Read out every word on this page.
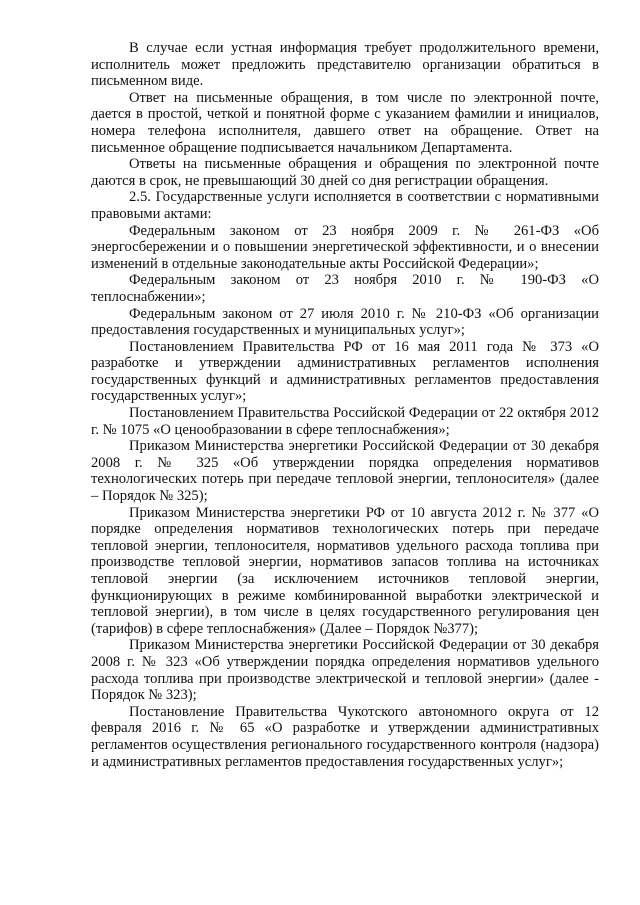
В случае если устная информация требует продолжительного времени, исполнитель может предложить представителю организации обратиться в письменном виде.

Ответ на письменные обращения, в том числе по электронной почте, дается в простой, четкой и понятной форме с указанием фамилии и инициалов, номера телефона исполнителя, давшего ответ на обращение. Ответ на письменное обращение подписывается начальником Департамента.

Ответы на письменные обращения и обращения по электронной почте даются в срок, не превышающий 30 дней со дня регистрации обращения.

2.5. Государственные услуги исполняется в соответствии с нормативными правовыми актами:

Федеральным законом от 23 ноября 2009 г. № 261-ФЗ «Об энергосбережении и о повышении энергетической эффективности, и о внесении изменений в отдельные законодательные акты Российской Федерации»;

Федеральным законом от 23 ноября 2010 г. № 190-ФЗ «О теплоснабжении»;

Федеральным законом от 27 июля 2010 г. № 210-ФЗ «Об организации предоставления государственных и муниципальных услуг»;

Постановлением Правительства РФ от 16 мая 2011 года № 373 «О разработке и утверждении административных регламентов исполнения государственных функций и административных регламентов предоставления государственных услуг»;

Постановлением Правительства Российской Федерации от 22 октября 2012 г. № 1075 «О ценообразовании в сфере теплоснабжения»;

Приказом Министерства энергетики Российской Федерации от 30 декабря 2008 г. № 325 «Об утверждении порядка определения нормативов технологических потерь при передаче тепловой энергии, теплоносителя» (далее – Порядок № 325);

Приказом Министерства энергетики РФ от 10 августа 2012 г. № 377 «О порядке определения нормативов технологических потерь при передаче тепловой энергии, теплоносителя, нормативов удельного расхода топлива при производстве тепловой энергии, нормативов запасов топлива на источниках тепловой энергии (за исключением источников тепловой энергии, функционирующих в режиме комбинированной выработки электрической и тепловой энергии), в том числе в целях государственного регулирования цен (тарифов) в сфере теплоснабжения» (Далее – Порядок №377);

Приказом Министерства энергетики Российской Федерации от 30 декабря 2008 г. № 323 «Об утверждении порядка определения нормативов удельного расхода топлива при производстве электрической и тепловой энергии» (далее - Порядок № 323);

Постановление Правительства Чукотского автономного округа от 12 февраля 2016 г. № 65 «О разработке и утверждении административных регламентов осуществления регионального государственного контроля (надзора) и административных регламентов предоставления государственных услуг»;
